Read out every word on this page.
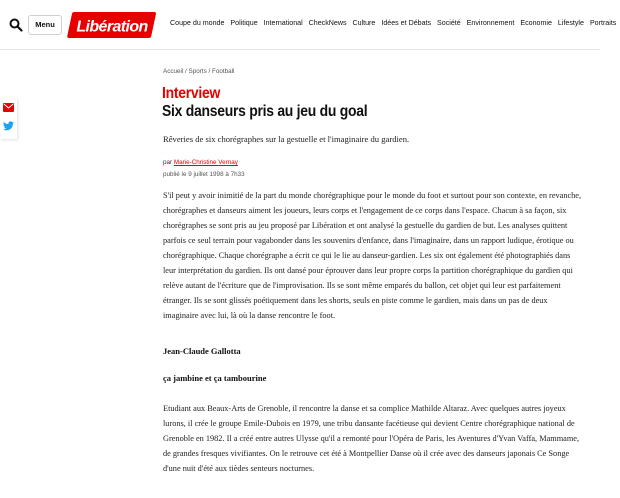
Menu	Libération	Coupe du monde Politique International CheckNews Culture Idées et Débats Société Environnement Economie Lifestyle Portraits
Accueil / Sports / Football
Interview
Six danseurs pris au jeu du goal
Rêveries de six chorégraphes sur la gestuelle et l'imaginaire du gardien.
par Marie-Christine Vernay
publié le 9 juillet 1998 à 7h33

S'il peut y avoir inimitié de la part du monde chorégraphique pour le monde du foot et surtout pour son contexte, en revanche, chorégraphes et danseurs aiment les joueurs, leurs corps et l'engagement de ce corps dans l'espace. Chacun à sa façon, six chorégraphes se sont pris au jeu proposé par Libération et ont analysé la gestuelle du gardien de but. Les analyses quittent parfois ce seul terrain pour vagabonder dans les souvenirs d'enfance, dans l'imaginaire, dans un rapport ludique, érotique ou chorégraphique. Chaque chorégraphe a écrit ce qui le lie au danseur-gardien. Les six ont également été photographiés dans leur interprétation du gardien. Ils ont dansé pour éprouver dans leur propre corps la partition chorégraphique du gardien qui relève autant de l'écriture que de l'improvisation. Ils se sont même emparés du ballon, cet objet qui leur est parfaitement étranger. Ils se sont glissés poétiquement dans les shorts, seuls en piste comme le gardien, mais dans un pas de deux imaginaire avec lui, là où la danse rencontre le foot.

Jean-Claude Gallotta
ça jambine et ça tambourine

Etudiant aux Beaux-Arts de Grenoble, il rencontre la danse et sa complice Mathilde Altaraz. Avec quelques autres joyeux lurons, il crée le groupe Emile-Dubois en 1979, une tribu dansante facétieuse qui devient Centre chorégraphique national de Grenoble en 1982. Il a créé entre autres Ulysse qu'il a remonté pour l'Opéra de Paris, les Aventures d'Yvan Vaffa, Mammame, de grandes fresques vivifiantes. On le retrouve cet été à Montpellier Danse où il crée avec des danseurs japonais Ce Songe d'une nuit d'été aux tièdes senteurs nocturnes.
